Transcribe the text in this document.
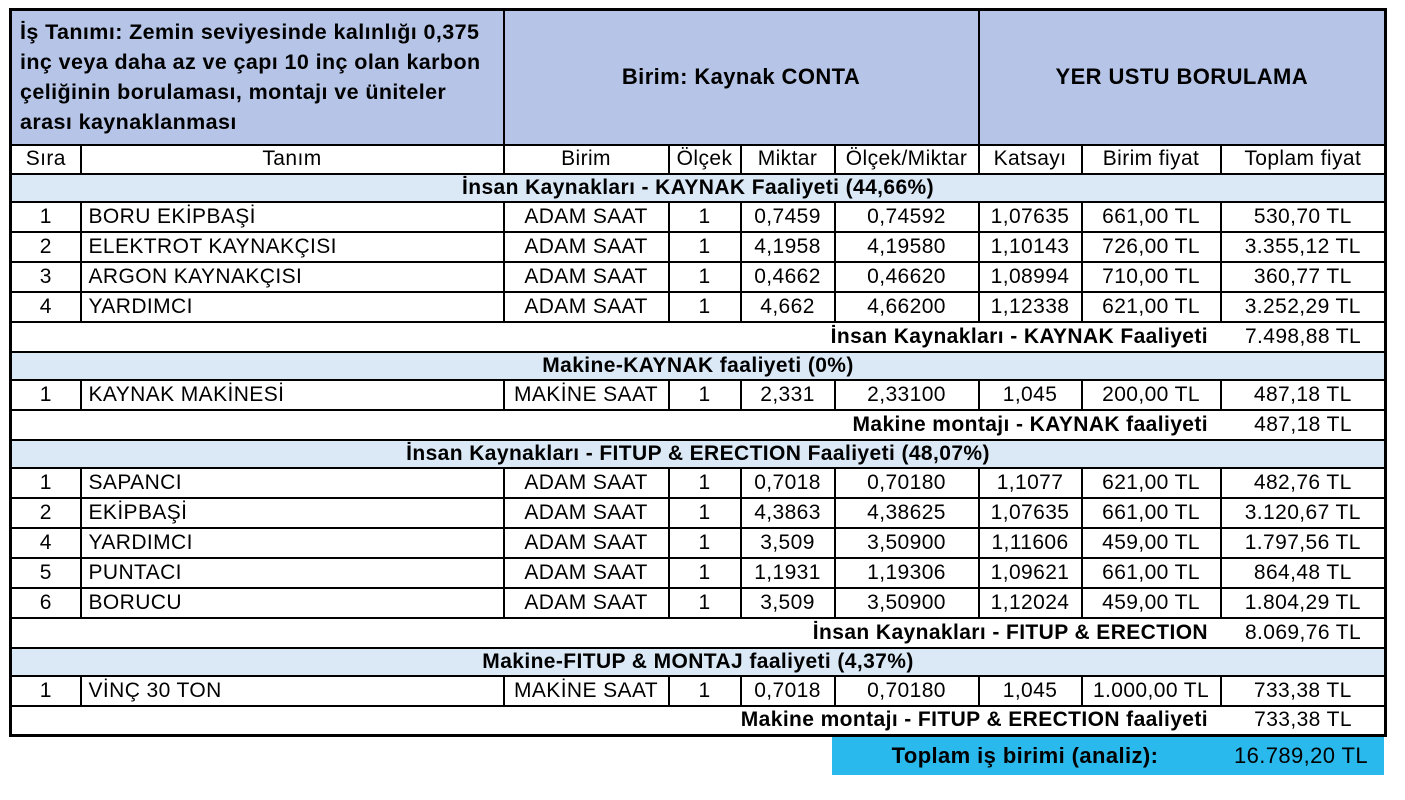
İş Tanımı: Zemin seviyesinde kalınlığı 0,375 inç veya daha az ve çapı 10 inç olan karbon çeliğinin borulaması, montajı ve üniteler arası kaynaklanması		Birim: Kaynak CONTA				YER USTU BORULAMA		
Sıra	Tanım	Birim	Ölçek	Miktar	Ölçek/Miktar	Katsayı	Birim fiyat	Toplam fiyat
İnsan Kaynakları - KAYNAK Faaliyeti (44,66%)								
1	BORU EKİPBAŞİ	ADAM SAAT	1	0,7459	0,74592	1,07635	661,00 TL	530,70 TL
2	ELEKTROT KAYNAKÇISI	ADAM SAAT	1	4,1958	4,19580	1,10143	726,00 TL	3.355,12 TL
3	ARGON KAYNAKÇISI	ADAM SAAT	1	0,4662	0,46620	1,08994	710,00 TL	360,77 TL
4	YARDIMCI	ADAM SAAT	1	4,662	4,66200	1,12338	621,00 TL	3.252,29 TL

İnsan Kaynakları - KAYNAK Faaliyeti 7.498,88 TL								

Makine-KAYNAK faaliyeti (0%)								
1	KAYNAK MAKİNESİ	MAKİNE SAAT	1	2,331	2,33100	1,045	200,00 TL	487,18 TL

Makine montajı - KAYNAK faaliyeti 487,18 TL								

İnsan Kaynakları - FITUP & ERECTION Faaliyeti (48,07%)								
1	SAPANCI	ADAM SAAT	1	0,7018	0,70180	1,1077	621,00 TL	482,76 TL
2	EKİPBAŞİ	ADAM SAAT	1	4,3863	4,38625	1,07635	661,00 TL	3.120,67 TL
4	YARDIMCI	ADAM SAAT	1	3,509	3,50900	1,11606	459,00 TL	1.797,56 TL
5	PUNTACI	ADAM SAAT	1	1,1931	1,19306	1,09621	661,00 TL	864,48 TL
6	BORUCU	ADAM SAAT	1	3,509	3,50900	1,12024	459,00 TL	1.804,29 TL

İnsan Kaynakları - FITUP & ERECTION 8.069,76 TL								

Makine-FITUP & MONTAJ faaliyeti (4,37%)								
1	VİNÇ 30 TON	MAKİNE SAAT	1	0,7018	0,70180	1,045	1.000,00 TL	733,38 TL

Makine montajı - FITUP & ERECTION faaliyeti 733,38 TL								
Toplam iş birimi (analiz):	16.789,20 TL
